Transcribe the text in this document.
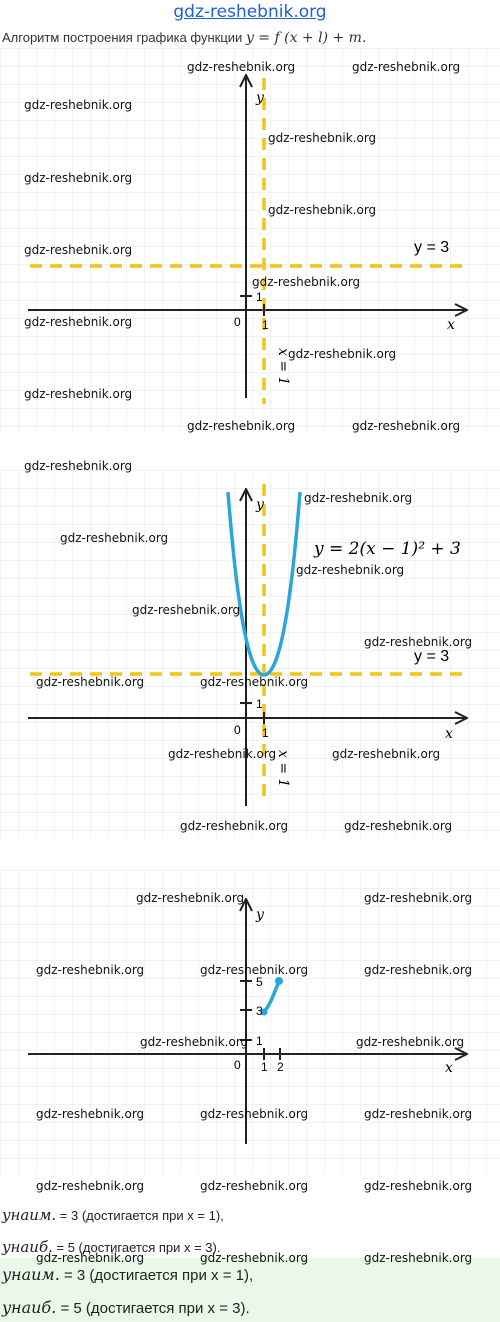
gdz-reshebnik.org
Алгоритм построения графика функции y = f (x + l) + m.
x
y
0 1
1
y = 3
x = 1
x
y
0 1
1
y = 3
x = 1
y = 2(x − 1)² + 3
x
y
0 1 2
1
3
5
yнаим. = 3 (достигается при x = 1),
yнаиб. = 5 (достигается при x = 3).
yнаим. = 3 (достигается при x = 1),
yнаиб. = 5 (достигается при x = 3).
gdz-reshebnik.org	gdz-reshebnik.org
gdz-reshebnik.org
gdz-reshebnik.org
gdz-reshebnik.org
gdz-reshebnik.org
gdz-reshebnik.org
gdz-reshebnik.org
gdz-reshebnik.org
gdz-reshebnik.org
gdz-reshebnik.org
gdz-reshebnik.org	gdz-reshebnik.org
gdz-reshebnik.org
gdz-reshebnik.org
gdz-reshebnik.org
gdz-reshebnik.org
gdz-reshebnik.org
gdz-reshebnik.org
gdz-reshebnik.org	gdz-reshebnik.org
gdz-reshebnik.org	gdz-reshebnik.org
gdz-reshebnik.org	gdz-reshebnik.org
gdz-reshebnik.org	gdz-reshebnik.org
gdz-reshebnik.org	gdz-reshebnik.org	gdz-reshebnik.org
gdz-reshebnik.org	gdz-reshebnik.org
gdz-reshebnik.org	gdz-reshebnik.org	gdz-reshebnik.org
gdz-reshebnik.org	gdz-reshebnik.org	gdz-reshebnik.org
gdz-reshebnik.org	gdz-reshebnik.org	gdz-reshebnik.org
